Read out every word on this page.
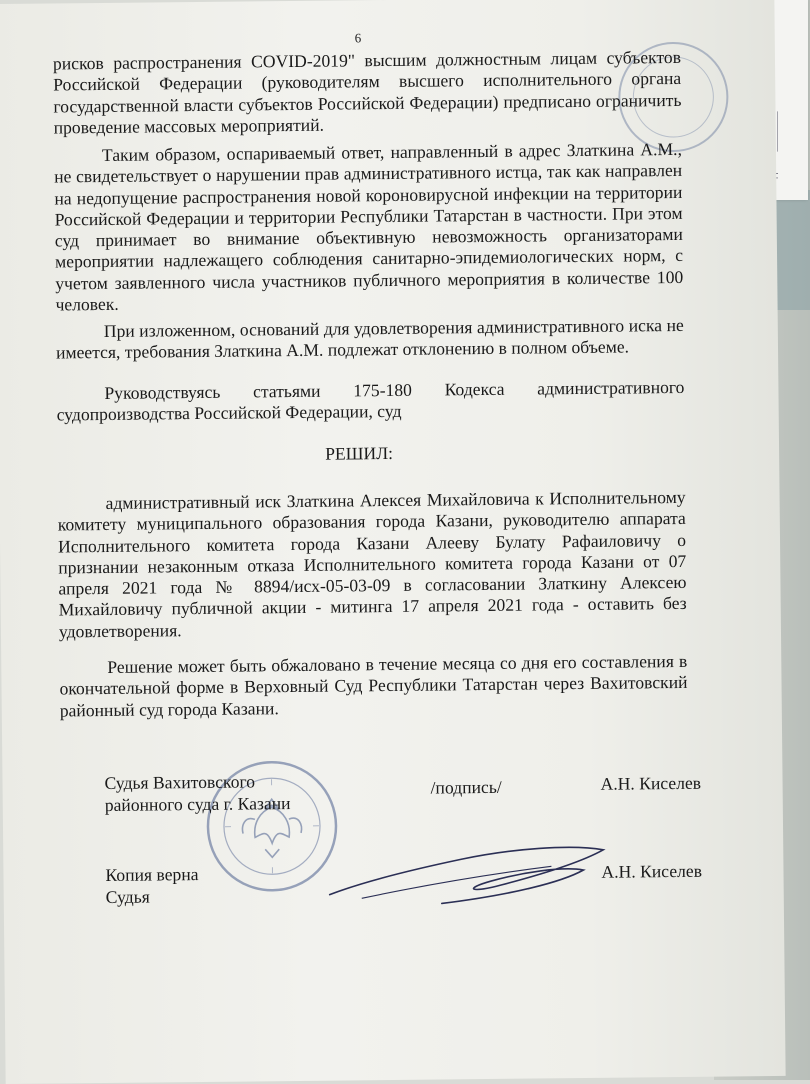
6

рисков распространения COVID-2019" высшим должностным лицам субъектов Российской Федерации (руководителям высшего исполнительного органа государственной власти субъектов Российской Федерации) предписано ограничить проведение массовых мероприятий.

Таким образом, оспариваемый ответ, направленный в адрес Златкина А.М., не свидетельствует о нарушении прав административного истца, так как направлен на недопущение распространения новой короновирусной инфекции на территории Российской Федерации и территории Республики Татарстан в частности. При этом суд принимает во внимание объективную невозможность организаторами мероприятии надлежащего соблюдения санитарно-эпидемиологических норм, с учетом заявленного числа участников публичного мероприятия в количестве 100 человек.

При изложенном, оснований для удовлетворения административного иска не имеется, требования Златкина А.М. подлежат отклонению в полном объеме.

Руководствуясь статьями 175-180 Кодекса административного судопроизводства Российской Федерации, суд

РЕШИЛ:

административный иск Златкина Алексея Михайловича к Исполнительному комитету муниципального образования города Казани, руководителю аппарата Исполнительного комитета города Казани Алееву Булату Рафаиловичу о признании незаконным отказа Исполнительного комитета города Казани от 07 апреля 2021 года № 8894/исх-05-03-09 в согласовании Златкину Алексею Михайловичу публичной акции - митинга 17 апреля 2021 года - оставить без удовлетворения.

Решение может быть обжаловано в течение месяца со дня его составления в окончательной форме в Верховный Суд Республики Татарстан через Вахитовский районный суд города Казани.

Судья Вахитовского
районного суда г. Казани
/подпись/	А.Н. Киселев
Копия верна
Судья
А.Н. Киселев
